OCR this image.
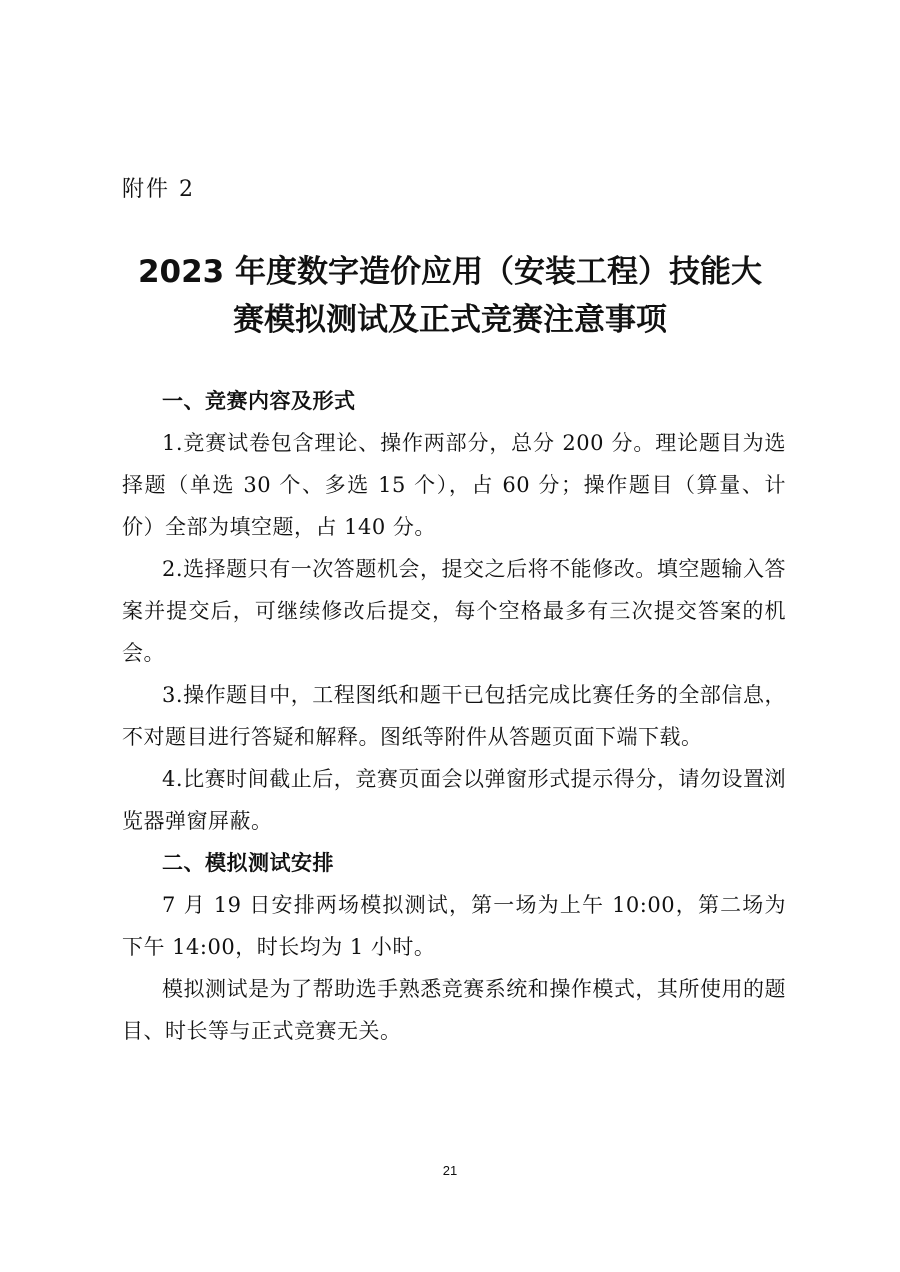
附件 2
2023 年度数字造价应用（安装工程）技能大
赛模拟测试及正式竞赛注意事项

一、竞赛内容及形式

1.竞赛试卷包含理论、操作两部分，总分 200 分。理论题目为选择题（单选 30 个、多选 15 个），占 60 分；操作题目（算量、计价）全部为填空题，占 140 分。

2.选择题只有一次答题机会，提交之后将不能修改。填空题输入答案并提交后，可继续修改后提交，每个空格最多有三次提交答案的机会。

3.操作题目中，工程图纸和题干已包括完成比赛任务的全部信息，不对题目进行答疑和解释。图纸等附件从答题页面下端下载。

4.比赛时间截止后，竞赛页面会以弹窗形式提示得分，请勿设置浏览器弹窗屏蔽。

二、模拟测试安排

7 月 19 日安排两场模拟测试，第一场为上午 10:00，第二场为下午 14:00，时长均为 1 小时。

模拟测试是为了帮助选手熟悉竞赛系统和操作模式，其所使用的题目、时长等与正式竞赛无关。

21
